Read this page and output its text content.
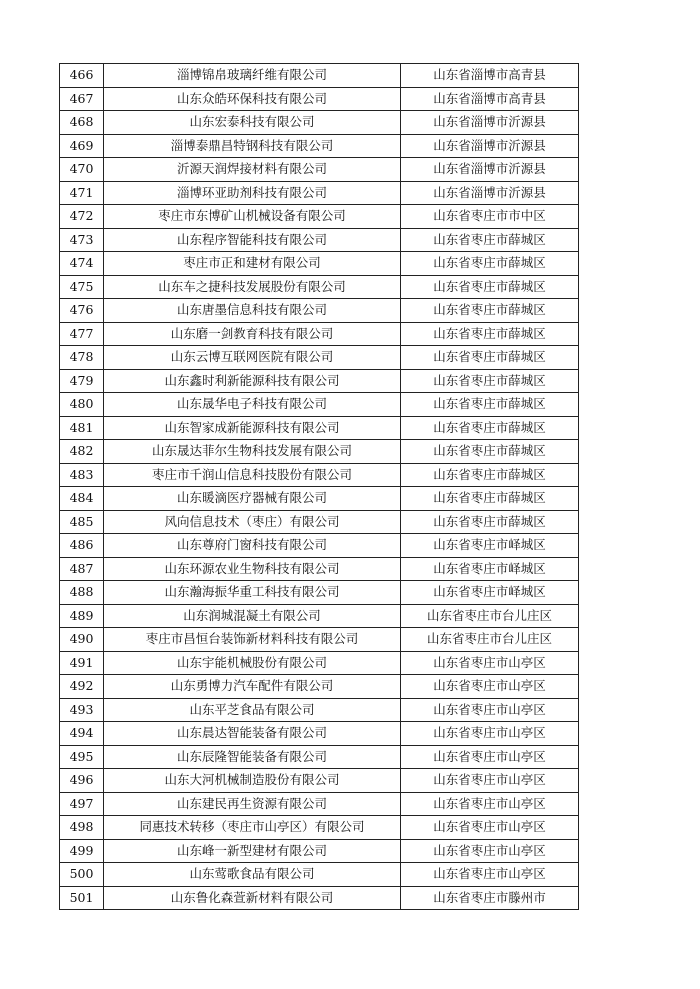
466	淄博锦帛玻璃纤维有限公司	山东省淄博市高青县
467	山东众皓环保科技有限公司	山东省淄博市高青县
468	山东宏泰科技有限公司	山东省淄博市沂源县
469	淄博泰鼎昌特钢科技有限公司	山东省淄博市沂源县
470	沂源天润焊接材料有限公司	山东省淄博市沂源县
471	淄博环亚助剂科技有限公司	山东省淄博市沂源县
472	枣庄市东博矿山机械设备有限公司	山东省枣庄市市中区
473	山东程序智能科技有限公司	山东省枣庄市薛城区
474	枣庄市正和建材有限公司	山东省枣庄市薛城区
475	山东车之捷科技发展股份有限公司	山东省枣庄市薛城区
476	山东唐墨信息科技有限公司	山东省枣庄市薛城区
477	山东磨一剑教育科技有限公司	山东省枣庄市薛城区
478	山东云博互联网医院有限公司	山东省枣庄市薛城区
479	山东鑫时利新能源科技有限公司	山东省枣庄市薛城区
480	山东晟华电子科技有限公司	山东省枣庄市薛城区
481	山东智家成新能源科技有限公司	山东省枣庄市薛城区
482	山东晟达菲尔生物科技发展有限公司	山东省枣庄市薛城区
483	枣庄市千润山信息科技股份有限公司	山东省枣庄市薛城区
484	山东暖滴医疗器械有限公司	山东省枣庄市薛城区
485	风向信息技术（枣庄）有限公司	山东省枣庄市薛城区
486	山东尊府门窗科技有限公司	山东省枣庄市峄城区
487	山东环源农业生物科技有限公司	山东省枣庄市峄城区
488	山东瀚海振华重工科技有限公司	山东省枣庄市峄城区
489	山东润城混凝土有限公司	山东省枣庄市台儿庄区
490	枣庄市昌恒台装饰新材料科技有限公司	山东省枣庄市台儿庄区
491	山东宇能机械股份有限公司	山东省枣庄市山亭区
492	山东勇博力汽车配件有限公司	山东省枣庄市山亭区
493	山东平芝食品有限公司	山东省枣庄市山亭区
494	山东晨达智能装备有限公司	山东省枣庄市山亭区
495	山东辰隆智能装备有限公司	山东省枣庄市山亭区
496	山东大河机械制造股份有限公司	山东省枣庄市山亭区
497	山东建民再生资源有限公司	山东省枣庄市山亭区
498	同惠技术转移（枣庄市山亭区）有限公司	山东省枣庄市山亭区
499	山东峰一新型建材有限公司	山东省枣庄市山亭区
500	山东莺歌食品有限公司	山东省枣庄市山亭区
501	山东鲁化森萱新材料有限公司	山东省枣庄市滕州市
